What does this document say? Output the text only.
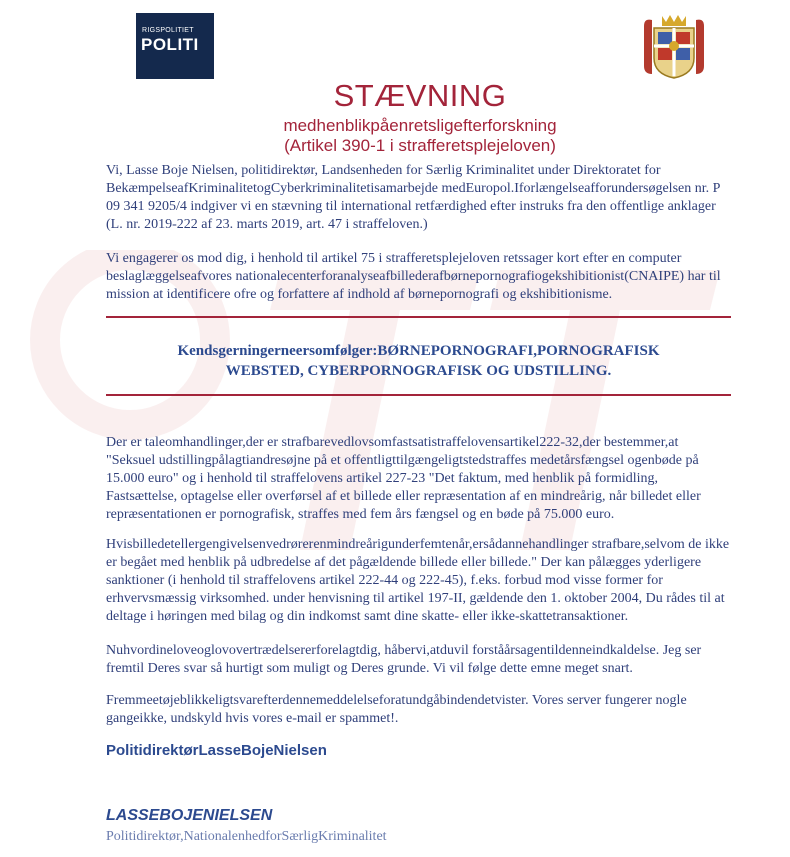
RIGSPOLITIET
POLITI
STÆVNING
medhenblikpåenretsligefterforskning
(Artikel 390-1 i strafferetsplejeloven)
Vi, Lasse Boje Nielsen, politidirektør, Landsenheden for Særlig Kriminalitet under Direktoratet for BekæmpelseafKriminalitetogCyberkriminalitetisamarbejde medEuropol.Iforlængelseafforundersøgelsen nr. P 09 341 9205/4 indgiver vi en stævning til international retfærdighed efter instruks fra den offentlige anklager (L. nr. 2019-222 af 23. marts 2019, art. 47 i straffeloven.)
Vi engagerer os mod dig, i henhold til artikel 75 i strafferetsplejeloven retssager kort efter en computer beslaglæggelseafvores nationalecenterforanalyseafbillederafbørnepornografiogekshibitionist(CNAIPE) har til mission at identificere ofre og forfattere af indhold af børnepornografi og ekshibitionisme.
Kendsgerningerneersomfølger:BØRNEPORNOGRAFI,PORNOGRAFISK
WEBSTED, CYBERPORNOGRAFISK OG UDSTILLING.
Der er taleomhandlinger,der er strafbarevedlovsomfastsatistraffelovensartikel222-32,der bestemmer,at "Seksuel udstillingpålagtiandresøjne på et offentligttilgængeligtstedstraffes medetårsfængsel ogenbøde på 15.000 euro" og i henhold til straffelovens artikel 227-23 "Det faktum, med henblik på formidling, Fastsættelse, optagelse eller overførsel af et billede eller repræsentation af en mindreårig, når billedet eller repræsentationen er pornografisk, straffes med fem års fængsel og en bøde på 75.000 euro.
Hvisbilledetellergengivelsenvedrørerenmindreårigunderfemtenår,ersådannehandlinger strafbare,selvom de ikke er begået med henblik på udbredelse af det pågældende billede eller billede." Der kan pålægges yderligere sanktioner (i henhold til straffelovens artikel 222-44 og 222-45), f.eks. forbud mod visse former for erhvervsmæssig virksomhed. under henvisning til artikel 197-II, gældende den 1. oktober 2004, Du rådes til at deltage i høringen med bilag og din indkomst samt dine skatte- eller ikke-skattetransaktioner.
Nuhvordineloveoglovovertrædelsererforelagtdig, håbervi,atduvil forståårsagentildenneindkaldelse. Jeg ser fremtil Deres svar så hurtigt som muligt og Deres grunde. Vi vil følge dette emne meget snart.
Fremmeetøjeblikkeligtsvarefterdennemeddelelseforatundgåbindendetvister. Vores server fungerer nogle gangeikke, undskyld hvis vores e-mail er spammet!.
PolitidirektørLasseBojeNielsen
LASSEBOJENIELSEN
Politidirektør,NationalenhedforSærligKriminalitet
